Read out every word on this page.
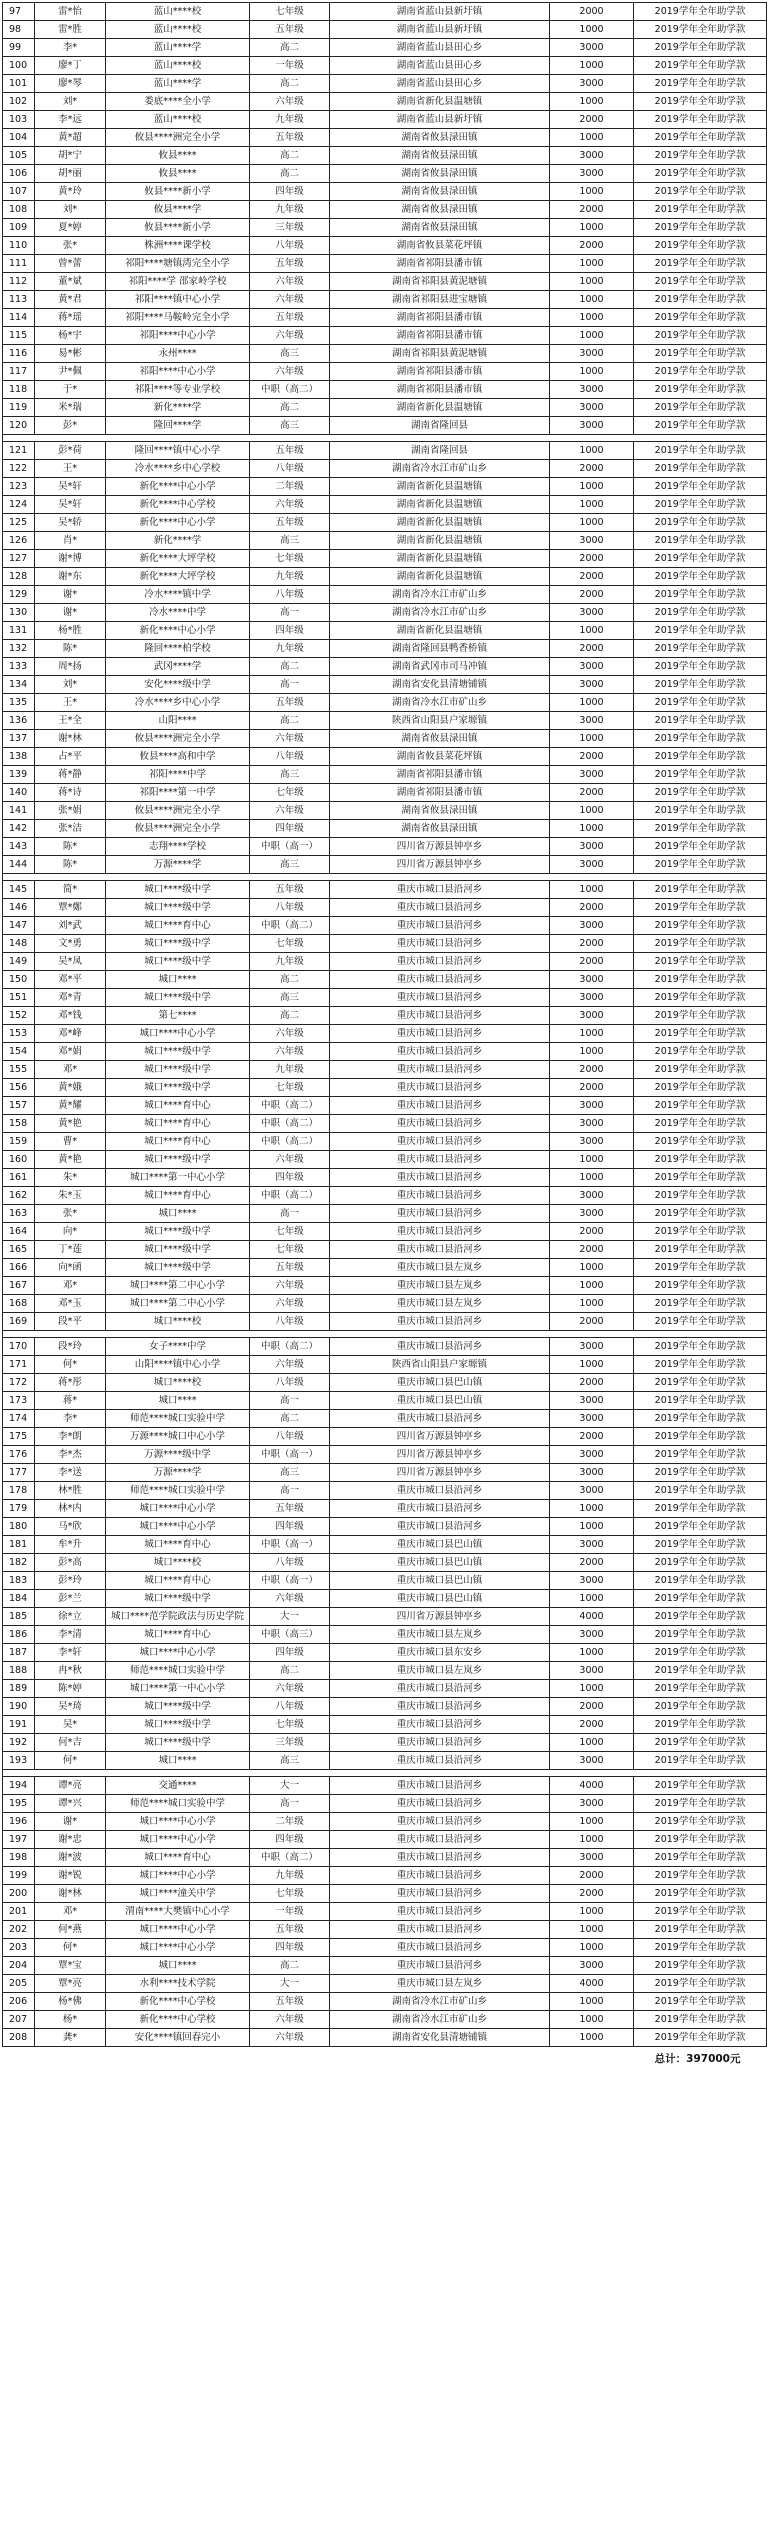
97	雷*怡	蓝山****校	七年级	湖南省蓝山县新圩镇	2000	2019学年全年助学款
98	雷*胜	蓝山****校	五年级	湖南省蓝山县新圩镇	1000	2019学年全年助学款
99	李*	蓝山****学	高二	湖南省蓝山县田心乡	3000	2019学年全年助学款
100	廖*丁	蓝山****校	一年级	湖南省蓝山县田心乡	1000	2019学年全年助学款
101	廖*琴	蓝山****学	高二	湖南省蓝山县田心乡	3000	2019学年全年助学款
102	刘*	娄底****全小学	六年级	湖南省新化县温塘镇	1000	2019学年全年助学款
103	李*远	蓝山****校	九年级	湖南省蓝山县新圩镇	2000	2019学年全年助学款
104	黄*超	攸县****洲完全小学	五年级	湖南省攸县渌田镇	1000	2019学年全年助学款
105	胡*宁	攸县****	高二	湖南省攸县渌田镇	3000	2019学年全年助学款
106	胡*丽	攸县****	高二	湖南省攸县渌田镇	3000	2019学年全年助学款
107	黄*玲	攸县****新小学	四年级	湖南省攸县渌田镇	1000	2019学年全年助学款
108	刘*	攸县****学	九年级	湖南省攸县渌田镇	2000	2019学年全年助学款
109	夏*婷	攸县****新小学	三年级	湖南省攸县渌田镇	1000	2019学年全年助学款
110	张*	株洲****课学校	八年级	湖南省攸县菜花坪镇	2000	2019学年全年助学款
111	曾*蕾	祁阳****塘镇湾完全小学	五年级	湖南省祁阳县潘市镇	1000	2019学年全年助学款
112	董*斌	祁阳****学 邵家岭学校	六年级	湖南省祁阳县黄泥塘镇	1000	2019学年全年助学款
113	黄*君	祁阳****镇中心小学	六年级	湖南省祁阳县进宝塘镇	1000	2019学年全年助学款
114	蒋*瑶	祁阳****马鞍岭完全小学	五年级	湖南省祁阳县潘市镇	1000	2019学年全年助学款
115	杨*宇	祁阳****中心小学	六年级	湖南省祁阳县潘市镇	1000	2019学年全年助学款
116	易*彬	永州****	高三	湖南省祁阳县黄泥塘镇	3000	2019学年全年助学款
117	尹*佩	祁阳****中心小学	六年级	湖南省祁阳县潘市镇	1000	2019学年全年助学款
118	于*	祁阳****等专业学校	中职（高二）	湖南省祁阳县潘市镇	3000	2019学年全年助学款
119	米*瑞	新化****学	高二	湖南省新化县温塘镇	3000	2019学年全年助学款
120	彭*	隆回****学	高三	湖南省隆回县	3000	2019学年全年助学款

121	彭*荷	隆回****镇中心小学	五年级	湖南省隆回县	1000	2019学年全年助学款
122	王*	冷水****乡中心学校	八年级	湖南省冷水江市矿山乡	2000	2019学年全年助学款
123	吴*轩	新化****中心小学	二年级	湖南省新化县温塘镇	1000	2019学年全年助学款
124	吴*轩	新化****中心学校	六年级	湖南省新化县温塘镇	1000	2019学年全年助学款
125	吴*轿	新化****中心小学	五年级	湖南省新化县温塘镇	1000	2019学年全年助学款
126	肖*	新化****学	高三	湖南省新化县温塘镇	3000	2019学年全年助学款
127	谢*博	新化****大坪学校	七年级	湖南省新化县温塘镇	2000	2019学年全年助学款
128	谢*东	新化****大坪学校	九年级	湖南省新化县温塘镇	2000	2019学年全年助学款
129	谢*	冷水****镇中学	八年级	湖南省冷水江市矿山乡	2000	2019学年全年助学款
130	谢*	冷水****中学	高一	湖南省冷水江市矿山乡	3000	2019学年全年助学款
131	杨*胜	新化****中心小学	四年级	湖南省新化县温塘镇	1000	2019学年全年助学款
132	陈*	隆回****柏学校	九年级	湖南省隆回县鸭香桥镇	2000	2019学年全年助学款
133	周*扬	武冈****学	高二	湖南省武冈市司马冲镇	3000	2019学年全年助学款
134	刘*	安化****级中学	高一	湖南省安化县清塘铺镇	3000	2019学年全年助学款
135	王*	冷水****乡中心小学	五年级	湖南省冷水江市矿山乡	1000	2019学年全年助学款
136	王*全	山阳****	高二	陕西省山阳县户家塬镇	3000	2019学年全年助学款
137	谢*林	攸县****洲完全小学	六年级	湖南省攸县渌田镇	1000	2019学年全年助学款
138	占*平	攸县****高和中学	八年级	湖南省攸县菜花坪镇	2000	2019学年全年助学款
139	蒋*静	祁阳****中学	高三	湖南省祁阳县潘市镇	3000	2019学年全年助学款
140	蒋*诗	祁阳****第一中学	七年级	湖南省祁阳县潘市镇	2000	2019学年全年助学款
141	张*娟	攸县****洲完全小学	六年级	湖南省攸县渌田镇	1000	2019学年全年助学款
142	张*洁	攸县****洲完全小学	四年级	湖南省攸县渌田镇	1000	2019学年全年助学款
143	陈*	志翔****学校	中职（高一）	四川省万源县钟亭乡	3000	2019学年全年助学款
144	陈*	万源****学	高三	四川省万源县钟亭乡	3000	2019学年全年助学款

145	简*	城口****级中学	五年级	重庆市城口县沿河乡	1000	2019学年全年助学款
146	覃*鄭	城口****级中学	八年级	重庆市城口县沿河乡	2000	2019学年全年助学款
147	刘*武	城口****育中心	中职（高二）	重庆市城口县沿河乡	3000	2019学年全年助学款
148	文*勇	城口****级中学	七年级	重庆市城口县沿河乡	2000	2019学年全年助学款
149	吴*凤	城口****级中学	九年级	重庆市城口县沿河乡	2000	2019学年全年助学款
150	邓*平	城口****	高二	重庆市城口县沿河乡	3000	2019学年全年助学款
151	邓*青	城口****级中学	高三	重庆市城口县沿河乡	3000	2019学年全年助学款
152	邓*钱	第七****	高二	重庆市城口县沿河乡	3000	2019学年全年助学款
153	邓*峰	城口****中心小学	六年级	重庆市城口县沿河乡	1000	2019学年全年助学款
154	邓*娟	城口****级中学	六年级	重庆市城口县沿河乡	1000	2019学年全年助学款
155	邓*	城口****级中学	九年级	重庆市城口县沿河乡	2000	2019学年全年助学款
156	黄*娥	城口****级中学	七年级	重庆市城口县沿河乡	2000	2019学年全年助学款
157	黄*耀	城口****育中心	中职（高二）	重庆市城口县沿河乡	3000	2019学年全年助学款
158	黄*艳	城口****育中心	中职（高二）	重庆市城口县沿河乡	3000	2019学年全年助学款
159	曹*	城口****育中心	中职（高二）	重庆市城口县沿河乡	3000	2019学年全年助学款
160	黄*艳	城口****级中学	六年级	重庆市城口县沿河乡	1000	2019学年全年助学款
161	朱*	城口****第一中心小学	四年级	重庆市城口县沿河乡	1000	2019学年全年助学款
162	朱*玉	城口****育中心	中职（高二）	重庆市城口县沿河乡	3000	2019学年全年助学款
163	张*	城口****	高一	重庆市城口县沿河乡	3000	2019学年全年助学款
164	向*	城口****级中学	七年级	重庆市城口县沿河乡	2000	2019学年全年助学款
165	丁*莲	城口****级中学	七年级	重庆市城口县沿河乡	2000	2019学年全年助学款
166	向*函	城口****级中学	五年级	重庆市城口县左岚乡	1000	2019学年全年助学款
167	邓*	城口****第二中心小学	六年级	重庆市城口县左岚乡	1000	2019学年全年助学款
168	邓*玉	城口****第二中心小学	六年级	重庆市城口县左岚乡	1000	2019学年全年助学款
169	段*平	城口****校	八年级	重庆市城口县沿河乡	2000	2019学年全年助学款

170	段*玲	女子****中学	中职（高二）	重庆市城口县沿河乡	3000	2019学年全年助学款
171	何*	山阳****镇中心小学	六年级	陕西省山阳县户家塬镇	1000	2019学年全年助学款
172	蒋*彤	城口****校	八年级	重庆市城口县巴山镇	2000	2019学年全年助学款
173	蒋*	城口****	高一	重庆市城口县巴山镇	3000	2019学年全年助学款
174	李*	师范****城口实验中学	高二	重庆市城口县沿河乡	3000	2019学年全年助学款
175	李*朗	万源****城口中心小学	八年级	四川省万源县钟亭乡	2000	2019学年全年助学款
176	李*杰	万源****级中学	中职（高一）	四川省万源县钟亭乡	3000	2019学年全年助学款
177	李*送	万源****学	高三	四川省万源县钟亭乡	3000	2019学年全年助学款
178	林*胜	师范****城口实验中学	高一	重庆市城口县沿河乡	3000	2019学年全年助学款
179	林*内	城口****中心小学	五年级	重庆市城口县沿河乡	1000	2019学年全年助学款
180	马*欣	城口****中心小学	四年级	重庆市城口县沿河乡	1000	2019学年全年助学款
181	牟*升	城口****育中心	中职（高一）	重庆市城口县巴山镇	3000	2019学年全年助学款
182	彭*高	城口****校	八年级	重庆市城口县巴山镇	2000	2019学年全年助学款
183	彭*玲	城口****育中心	中职（高一）	重庆市城口县巴山镇	3000	2019学年全年助学款
184	彭*兰	城口****级中学	六年级	重庆市城口县巴山镇	1000	2019学年全年助学款
185	徐*立	城口****范学院政法与历史学院	大一	四川省万源县钟亭乡	4000	2019学年全年助学款
186	李*清	城口****育中心	中职（高三）	重庆市城口县左岚乡	3000	2019学年全年助学款
187	李*轩	城口****中心小学	四年级	重庆市城口县东安乡	1000	2019学年全年助学款
188	冉*秋	师范****城口实验中学	高二	重庆市城口县左岚乡	3000	2019学年全年助学款
189	陈*婷	城口****第一中心小学	六年级	重庆市城口县沿河乡	1000	2019学年全年助学款
190	吴*琦	城口****级中学	八年级	重庆市城口县沿河乡	2000	2019学年全年助学款
191	吴*	城口****级中学	七年级	重庆市城口县沿河乡	2000	2019学年全年助学款
192	何*吉	城口****级中学	三年级	重庆市城口县沿河乡	1000	2019学年全年助学款
193	何*	城口****	高三	重庆市城口县沿河乡	3000	2019学年全年助学款

194	谭*亮	交通****	大一	重庆市城口县沿河乡	4000	2019学年全年助学款
195	谭*兴	师范****城口实验中学	高一	重庆市城口县沿河乡	3000	2019学年全年助学款
196	谢*	城口****中心小学	二年级	重庆市城口县沿河乡	1000	2019学年全年助学款
197	谢*忠	城口****中心小学	四年级	重庆市城口县沿河乡	1000	2019学年全年助学款
198	谢*波	城口****育中心	中职（高二）	重庆市城口县沿河乡	3000	2019学年全年助学款
199	谢*锐	城口****中心小学	九年级	重庆市城口县沿河乡	2000	2019学年全年助学款
200	谢*林	城口****潼关中学	七年级	重庆市城口县沿河乡	2000	2019学年全年助学款
201	邓*	渭南****大樊镇中心小学	一年级	重庆市城口县沿河乡	1000	2019学年全年助学款
202	何*燕	城口****中心小学	五年级	重庆市城口县沿河乡	1000	2019学年全年助学款
203	何*	城口****中心小学	四年级	重庆市城口县沿河乡	1000	2019学年全年助学款
204	覃*宝	城口****	高二	重庆市城口县沿河乡	3000	2019学年全年助学款
205	覃*亮	水利****技术学院	大一	重庆市城口县左岚乡	4000	2019学年全年助学款
206	杨*佛	新化****中心学校	五年级	湖南省冷水江市矿山乡	1000	2019学年全年助学款
207	杨*	新化****中心学校	六年级	湖南省冷水江市矿山乡	1000	2019学年全年助学款
208	龚*	安化****镇回春完小	六年级	湖南省安化县清塘铺镇	1000	2019学年全年助学款
总计：397000元						
